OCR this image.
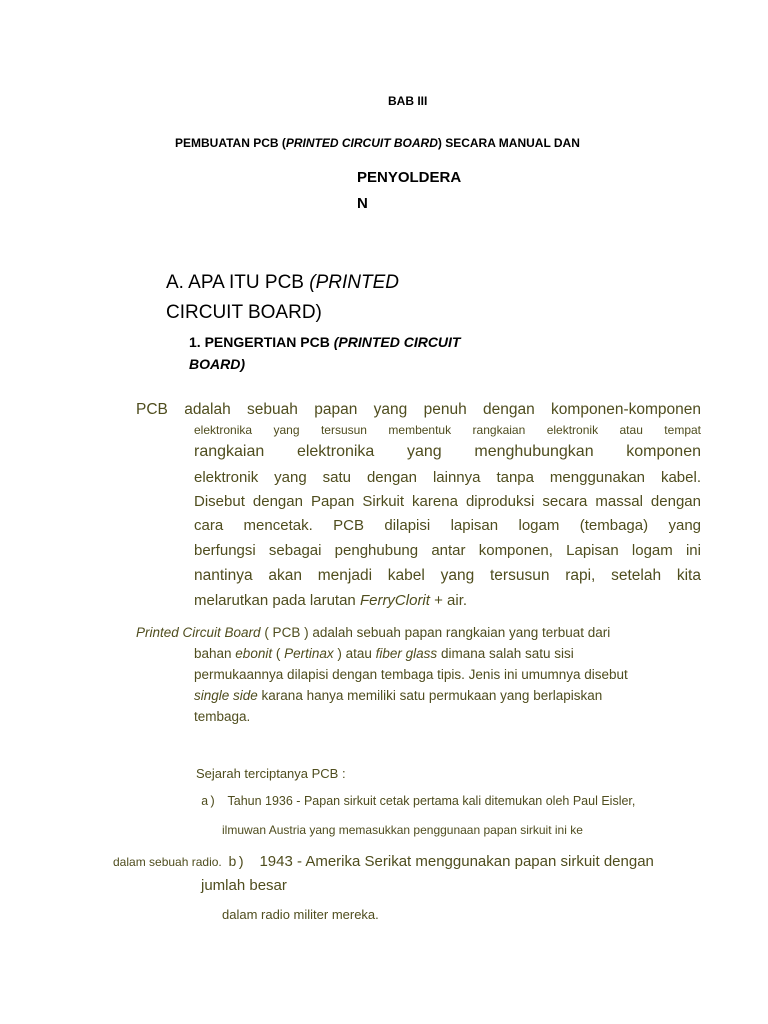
BAB III
PEMBUATAN PCB (PRINTED CIRCUIT BOARD) SECARA MANUAL DAN
PENYOLDERA
N
A. APA ITU PCB (PRINTED
CIRCUIT BOARD)
1. PENGERTIAN PCB (PRINTED CIRCUIT
BOARD)
PCB adalah sebuah papan yang penuh dengan komponen-komponen
elektronika yang tersusun membentuk rangkaian elektronik atau tempat
rangkaian elektronika yang menghubungkan komponen
elektronik yang satu dengan lainnya tanpa menggunakan kabel.
Disebut dengan Papan Sirkuit karena diproduksi secara massal dengan
cara mencetak. PCB dilapisi lapisan logam (tembaga) yang
berfungsi sebagai penghubung antar komponen, Lapisan logam ini
nantinya akan menjadi kabel yang tersusun rapi, setelah kita
melarutkan pada larutan FerryClorit + air.
Printed Circuit Board ( PCB ) adalah sebuah papan rangkaian yang terbuat dari
bahan ebonit ( Pertinax ) atau fiber glass dimana salah satu sisi
permukaannya dilapisi dengan tembaga tipis. Jenis ini umumnya disebut
single side karana hanya memiliki satu permukaan yang berlapiskan
tembaga.
Sejarah terciptanya PCB :
a) Tahun 1936 - Papan sirkuit cetak pertama kali ditemukan oleh Paul Eisler,
ilmuwan Austria yang memasukkan penggunaan papan sirkuit ini ke
dalam sebuah radio. b) 1943 - Amerika Serikat menggunakan papan sirkuit dengan
jumlah besar
dalam radio militer mereka.
